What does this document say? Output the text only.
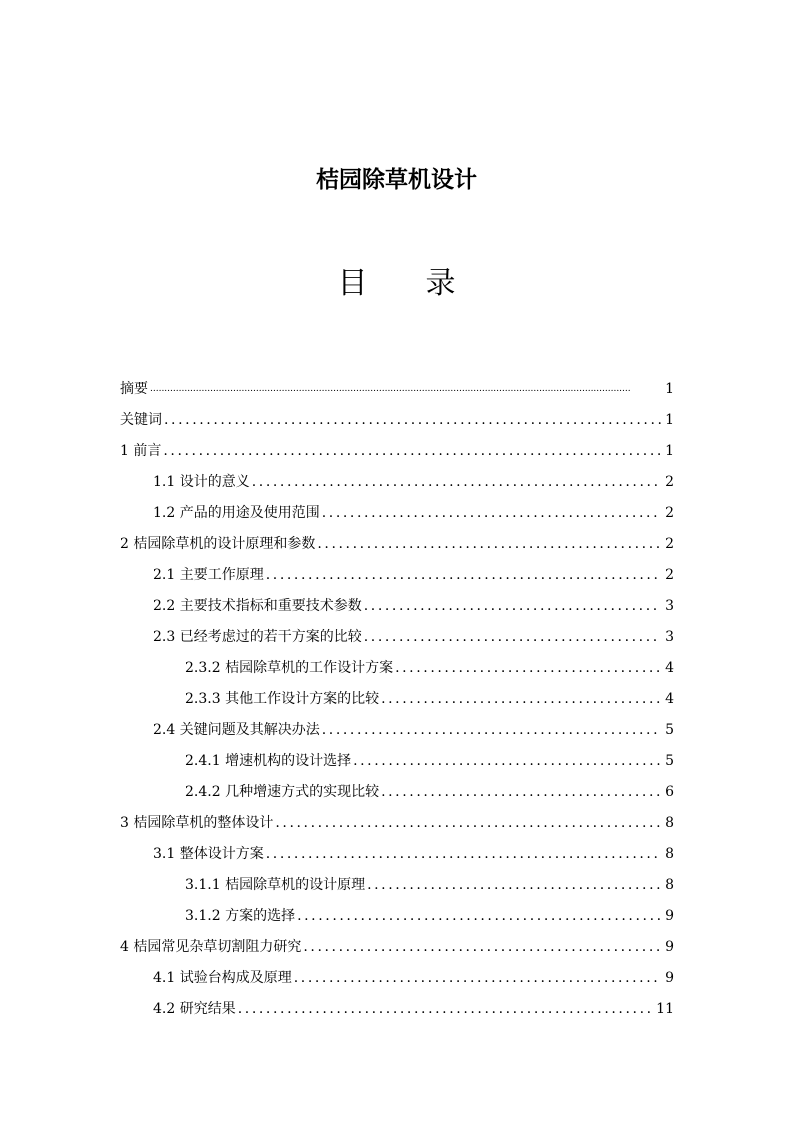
桔园除草机设计
目 录
摘要 .....	1
关键词 .....	1
1 前言 .....	1
1.1 设计的意义 .....	2
1.2 产品的用途及使用范围 .....	2
2 桔园除草机的设计原理和参数 .....	2
2.1 主要工作原理 .....	2
2.2 主要技术指标和重要技术参数 .....	3
2.3 已经考虑过的若干方案的比较 .....	3
2.3.2 桔园除草机的工作设计方案 .....	4
2.3.3 其他工作设计方案的比较 .....	4
2.4 关键问题及其解决办法 .....	5
2.4.1 增速机构的设计选择 .....	5
2.4.2 几种增速方式的实现比较 .....	6
3 桔园除草机的整体设计 .....	8
3.1 整体设计方案 .....	8
3.1.1 桔园除草机的设计原理 .....	8
3.1.2 方案的选择 .....	9
4 桔园常见杂草切割阻力研究 .....	9
4.1 试验台构成及原理 .....	9
4.2 研究结果 .....	11
